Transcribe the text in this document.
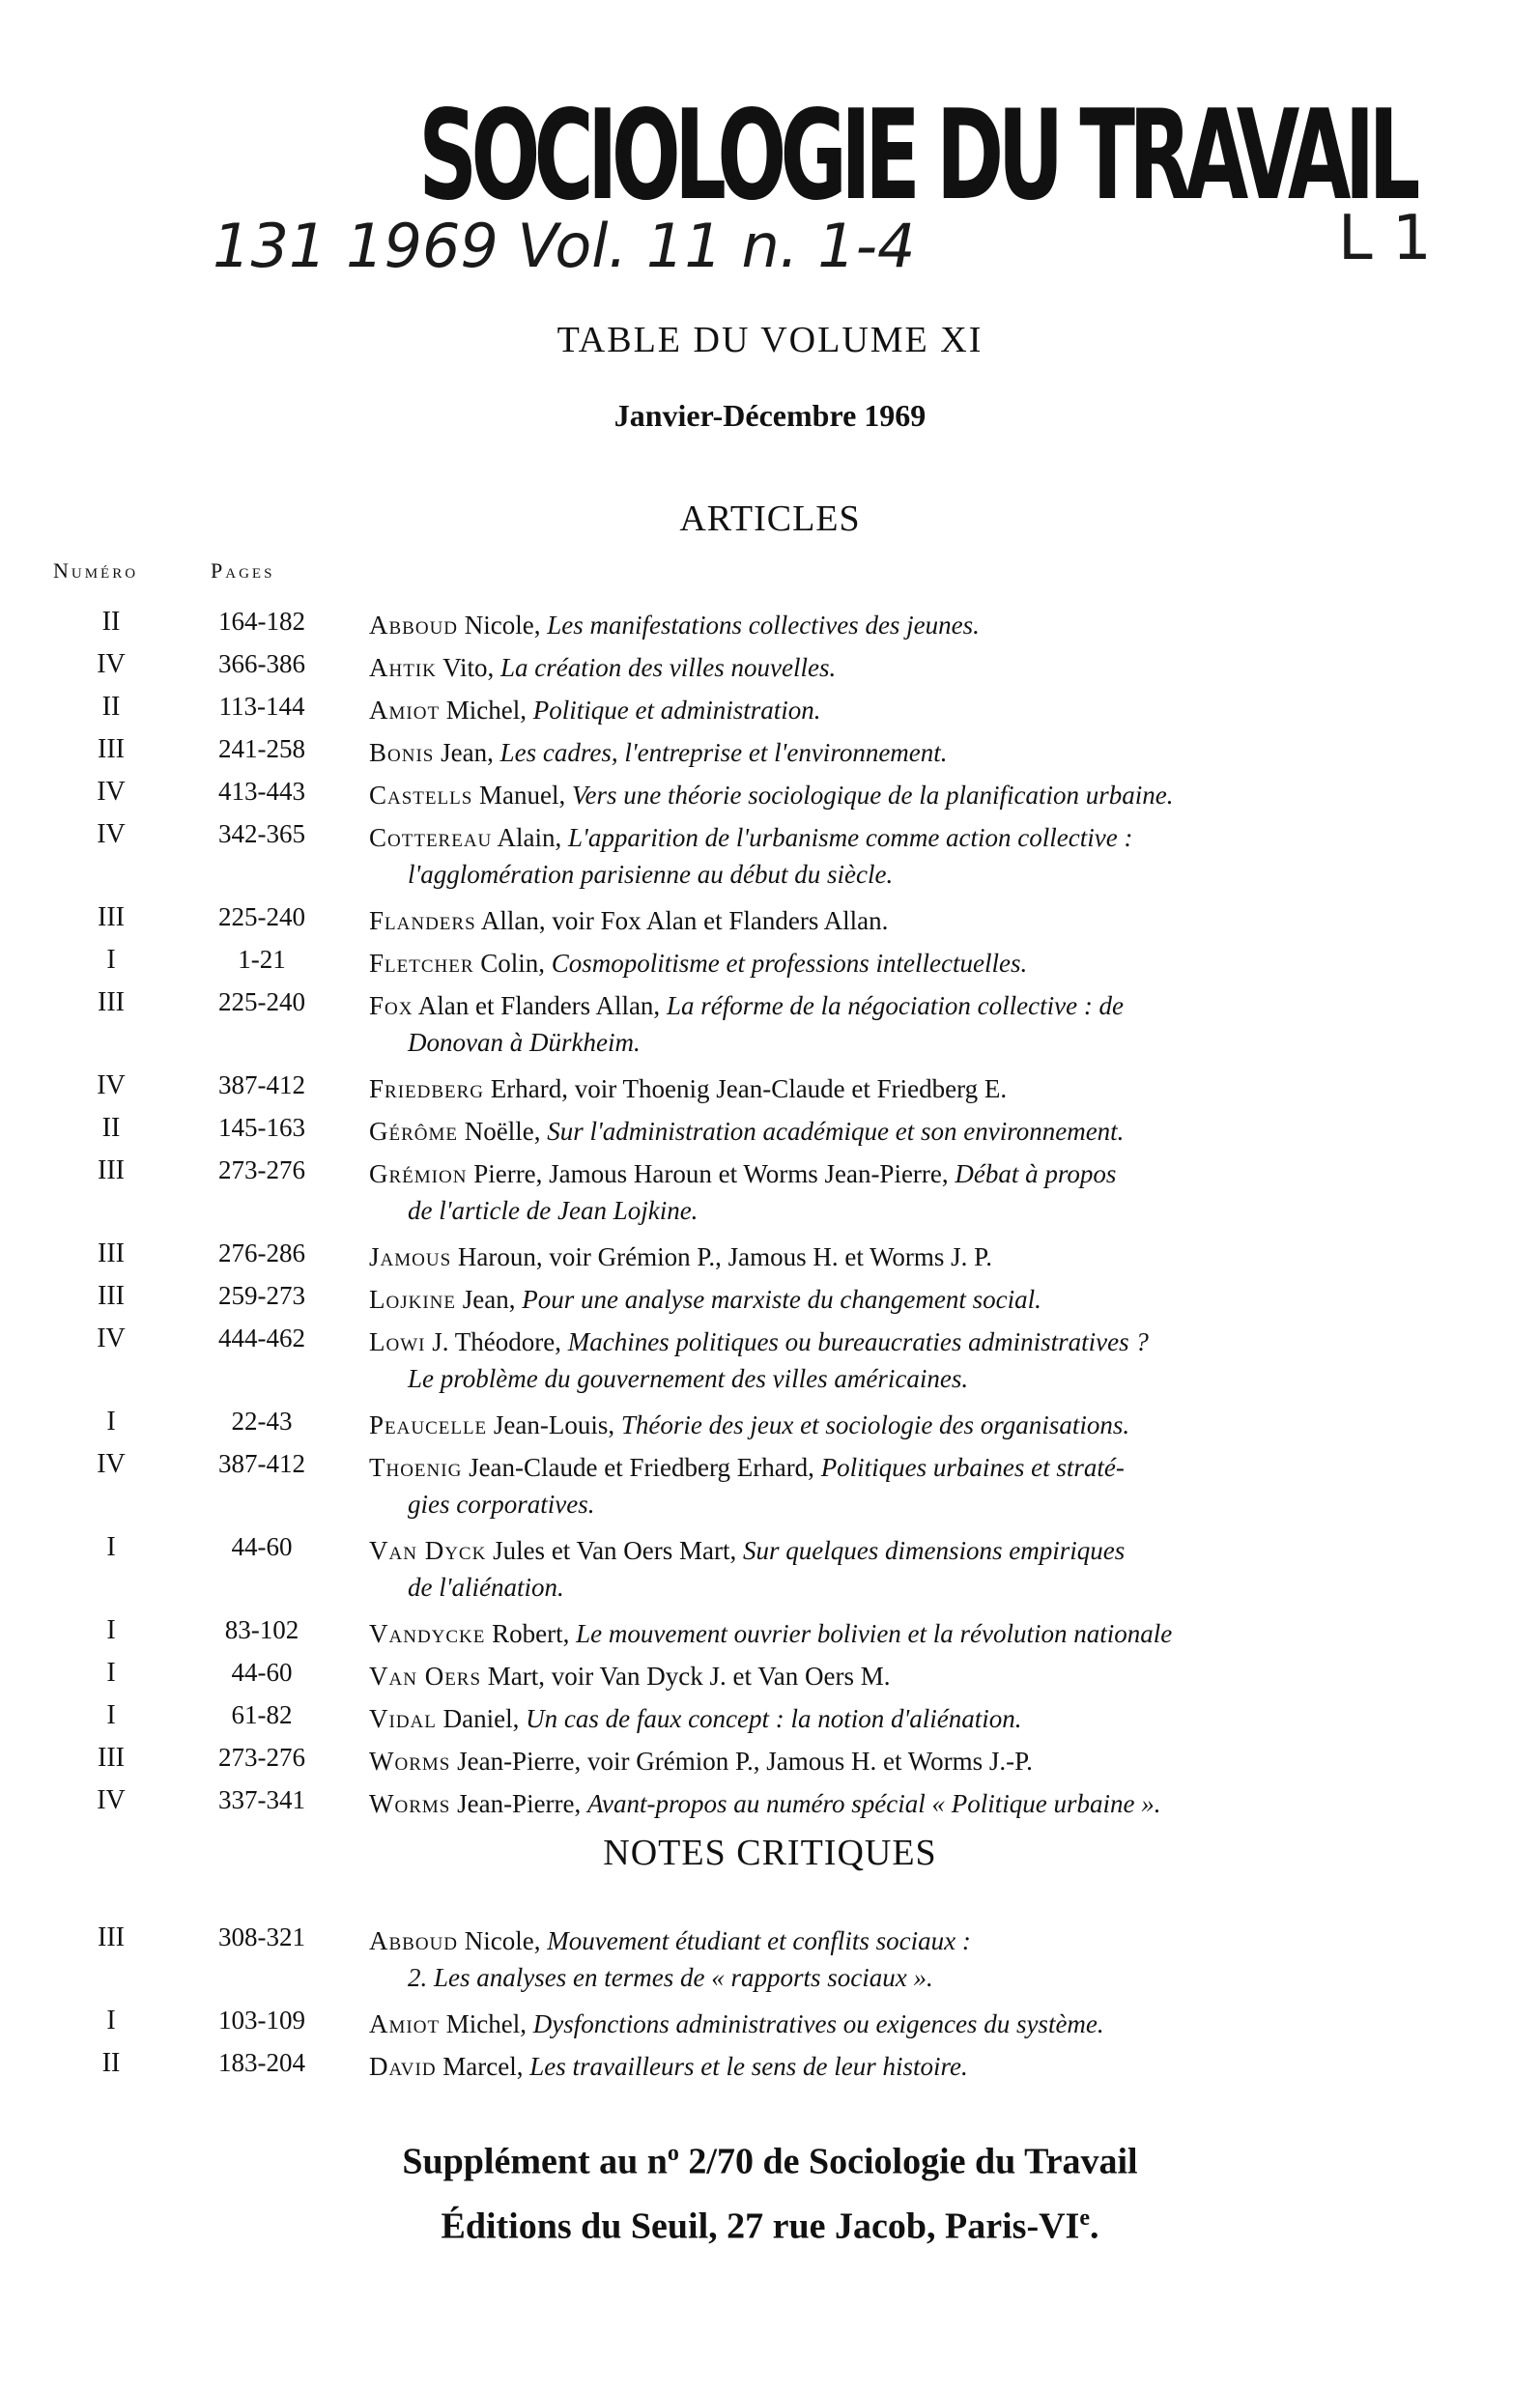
SOCIOLOGIE DU TRAVAIL
131 1969 Vol. 11 n. 1-4	L 1
TABLE DU VOLUME XI
Janvier-Décembre 1969
ARTICLES
Numéro	Pages
II	164-182	Abboud Nicole, Les manifestations collectives des jeunes.
IV	366-386	Ahtik Vito, La création des villes nouvelles.
II	113-144	Amiot Michel, Politique et administration.
III	241-258	Bonis Jean, Les cadres, l'entreprise et l'environnement.
IV	413-443	Castells Manuel, Vers une théorie sociologique de la planification urbaine.
IV	342-365	Cottereau Alain, L'apparition de l'urbanisme comme action collective :
l'agglomération parisienne au début du siècle.
III	225-240	Flanders Allan, voir Fox Alan et Flanders Allan.
I	1-21	Fletcher Colin, Cosmopolitisme et professions intellectuelles.
III	225-240	Fox Alan et Flanders Allan, La réforme de la négociation collective : de
Donovan à Dürkheim.
IV	387-412	Friedberg Erhard, voir Thoenig Jean-Claude et Friedberg E.
II	145-163	Gérôme Noëlle, Sur l'administration académique et son environnement.
III	273-276	Grémion Pierre, Jamous Haroun et Worms Jean-Pierre, Débat à propos
de l'article de Jean Lojkine.
III	276-286	Jamous Haroun, voir Grémion P., Jamous H. et Worms J. P.
III	259-273	Lojkine Jean, Pour une analyse marxiste du changement social.
IV	444-462	Lowi J. Théodore, Machines politiques ou bureaucraties administratives ?
Le problème du gouvernement des villes américaines.
I	22-43	Peaucelle Jean-Louis, Théorie des jeux et sociologie des organisations.
IV	387-412	Thoenig Jean-Claude et Friedberg Erhard, Politiques urbaines et straté-
gies corporatives.
I	44-60	Van Dyck Jules et Van Oers Mart, Sur quelques dimensions empiriques
de l'aliénation.
I	83-102	Vandycke Robert, Le mouvement ouvrier bolivien et la révolution nationale
I	44-60	Van Oers Mart, voir Van Dyck J. et Van Oers M.
I	61-82	Vidal Daniel, Un cas de faux concept : la notion d'aliénation.
III	273-276	Worms Jean-Pierre, voir Grémion P., Jamous H. et Worms J.-P.
IV	337-341	Worms Jean-Pierre, Avant-propos au numéro spécial « Politique urbaine ».
NOTES CRITIQUES
III	308-321	Abboud Nicole, Mouvement étudiant et conflits sociaux :
2. Les analyses en termes de « rapports sociaux ».
I	103-109	Amiot Michel, Dysfonctions administratives ou exigences du système.
II	183-204	David Marcel, Les travailleurs et le sens de leur histoire.
Supplément au $n^o$ 2/70 de Sociologie du Travail
Éditions du Seuil, 27 rue Jacob, Paris-VIe.
